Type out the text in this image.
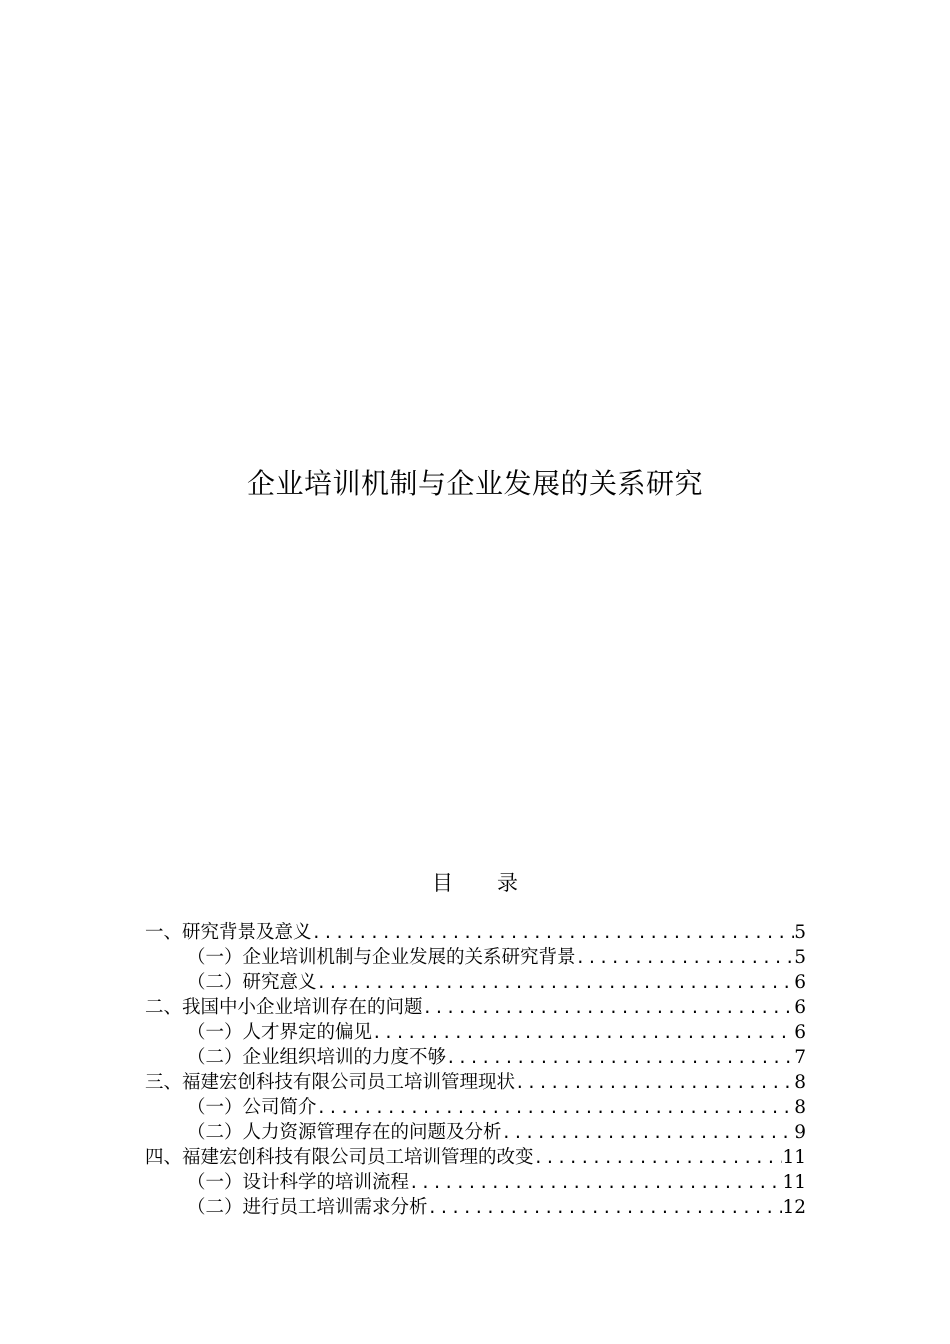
企业培训机制与企业发展的关系研究
目 录
一、研究背景及意义 .....	5
（一）企业培训机制与企业发展的关系研究背景 .....	5
（二）研究意义 .....	6
二、我国中小企业培训存在的问题 .....	6
（一）人才界定的偏见 .....	6
（二）企业组织培训的力度不够 .....	7
三、福建宏创科技有限公司员工培训管理现状 .....	8
（一）公司简介 .....	8
（二）人力资源管理存在的问题及分析 .....	9
四、福建宏创科技有限公司员工培训管理的改变 .....	11
（一）设计科学的培训流程 .....	11
（二）进行员工培训需求分析 .....	12
